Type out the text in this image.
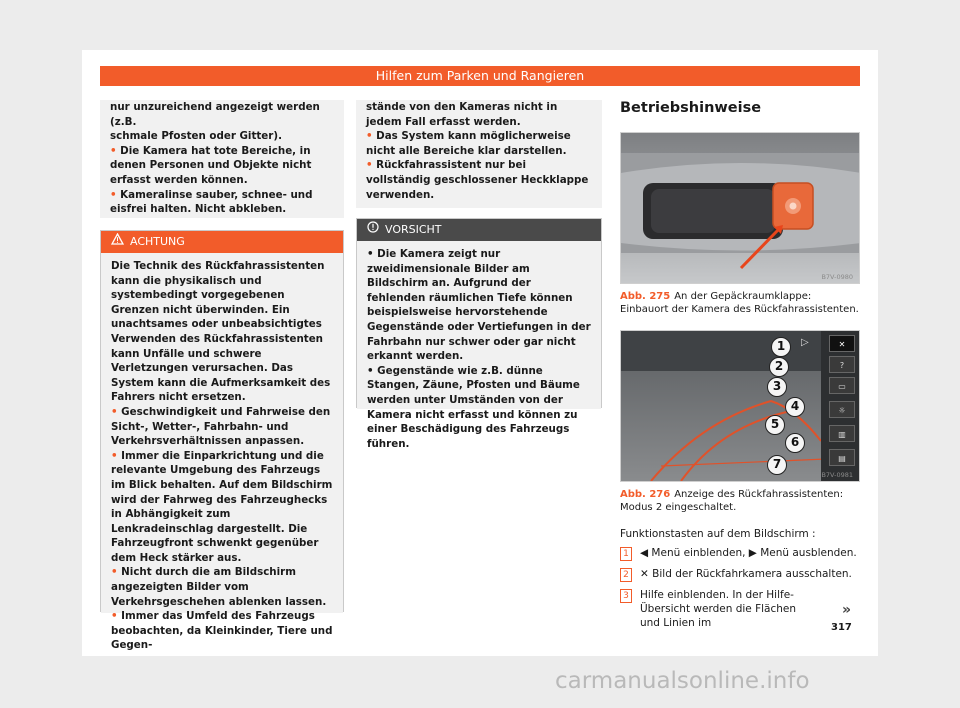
Hilfen zum Parken und Rangieren

nur unzureichend angezeigt werden (z.B.

schmale Pfosten oder Gitter).

• Die Kamera hat tote Bereiche, in denen Personen und Objekte nicht erfasst werden können.

• Kameralinse sauber, schnee- und eisfrei halten. Nicht abkleben.

ACHTUNG

Die Technik des Rückfahrassistenten kann die physikalisch und systembedingt vorgegebenen Grenzen nicht überwinden. Ein unachtsames oder unbeabsichtigtes Verwenden des Rückfahrassistenten kann Unfälle und schwere Verletzungen verursachen. Das System kann die Aufmerksamkeit des Fahrers nicht ersetzen.

• Geschwindigkeit und Fahrweise den Sicht-, Wetter-, Fahrbahn- und Verkehrsverhältnissen anpassen.

• Immer die Einparkrichtung und die relevante Umgebung des Fahrzeugs im Blick behalten. Auf dem Bildschirm wird der Fahrweg des Fahrzeughecks in Abhängigkeit zum Lenkradeinschlag dargestellt. Die Fahrzeugfront schwenkt gegenüber dem Heck stärker aus.

• Nicht durch die am Bildschirm angezeigten Bilder vom Verkehrsgeschehen ablenken lassen.

• Immer das Umfeld des Fahrzeugs beobachten, da Kleinkinder, Tiere und Gegen-

stände von den Kameras nicht in jedem Fall erfasst werden.

• Das System kann möglicherweise nicht alle Bereiche klar darstellen.

• Rückfahrassistent nur bei vollständig geschlossener Heckklappe verwenden.

VORSICHT

• Die Kamera zeigt nur zweidimensionale Bilder am Bildschirm an. Aufgrund der fehlenden räumlichen Tiefe können beispielsweise hervorstehende Gegenstände oder Vertiefungen in der Fahrbahn nur schwer oder gar nicht erkannt werden.

• Gegenstände wie z.B. dünne Stangen, Zäune, Pfosten und Bäume werden unter Umständen von der Kamera nicht erfasst und können zu einer Beschädigung des Fahrzeugs führen.

Betriebshinweise

B7V-0980
Abb. 275 An der Gepäckraumklappe: Einbauort der Kamera des Rückfahrassistenten.
✕
?
▭
☼
▥
▤
▷
1
2
3
4
5
6
7
B7V-0981
Abb. 276 Anzeige des Rückfahrassistenten: Modus 2 eingeschaltet.
Funktionstasten auf dem Bildschirm :
1 ◀ Menü einblenden, ▶ Menü ausblenden.
2 ✕ Bild der Rückfahrkamera ausschalten.
3 Hilfe einblenden. In der Hilfe-Übersicht werden die Flächen und Linien im
»
317
carmanualsonline.info
